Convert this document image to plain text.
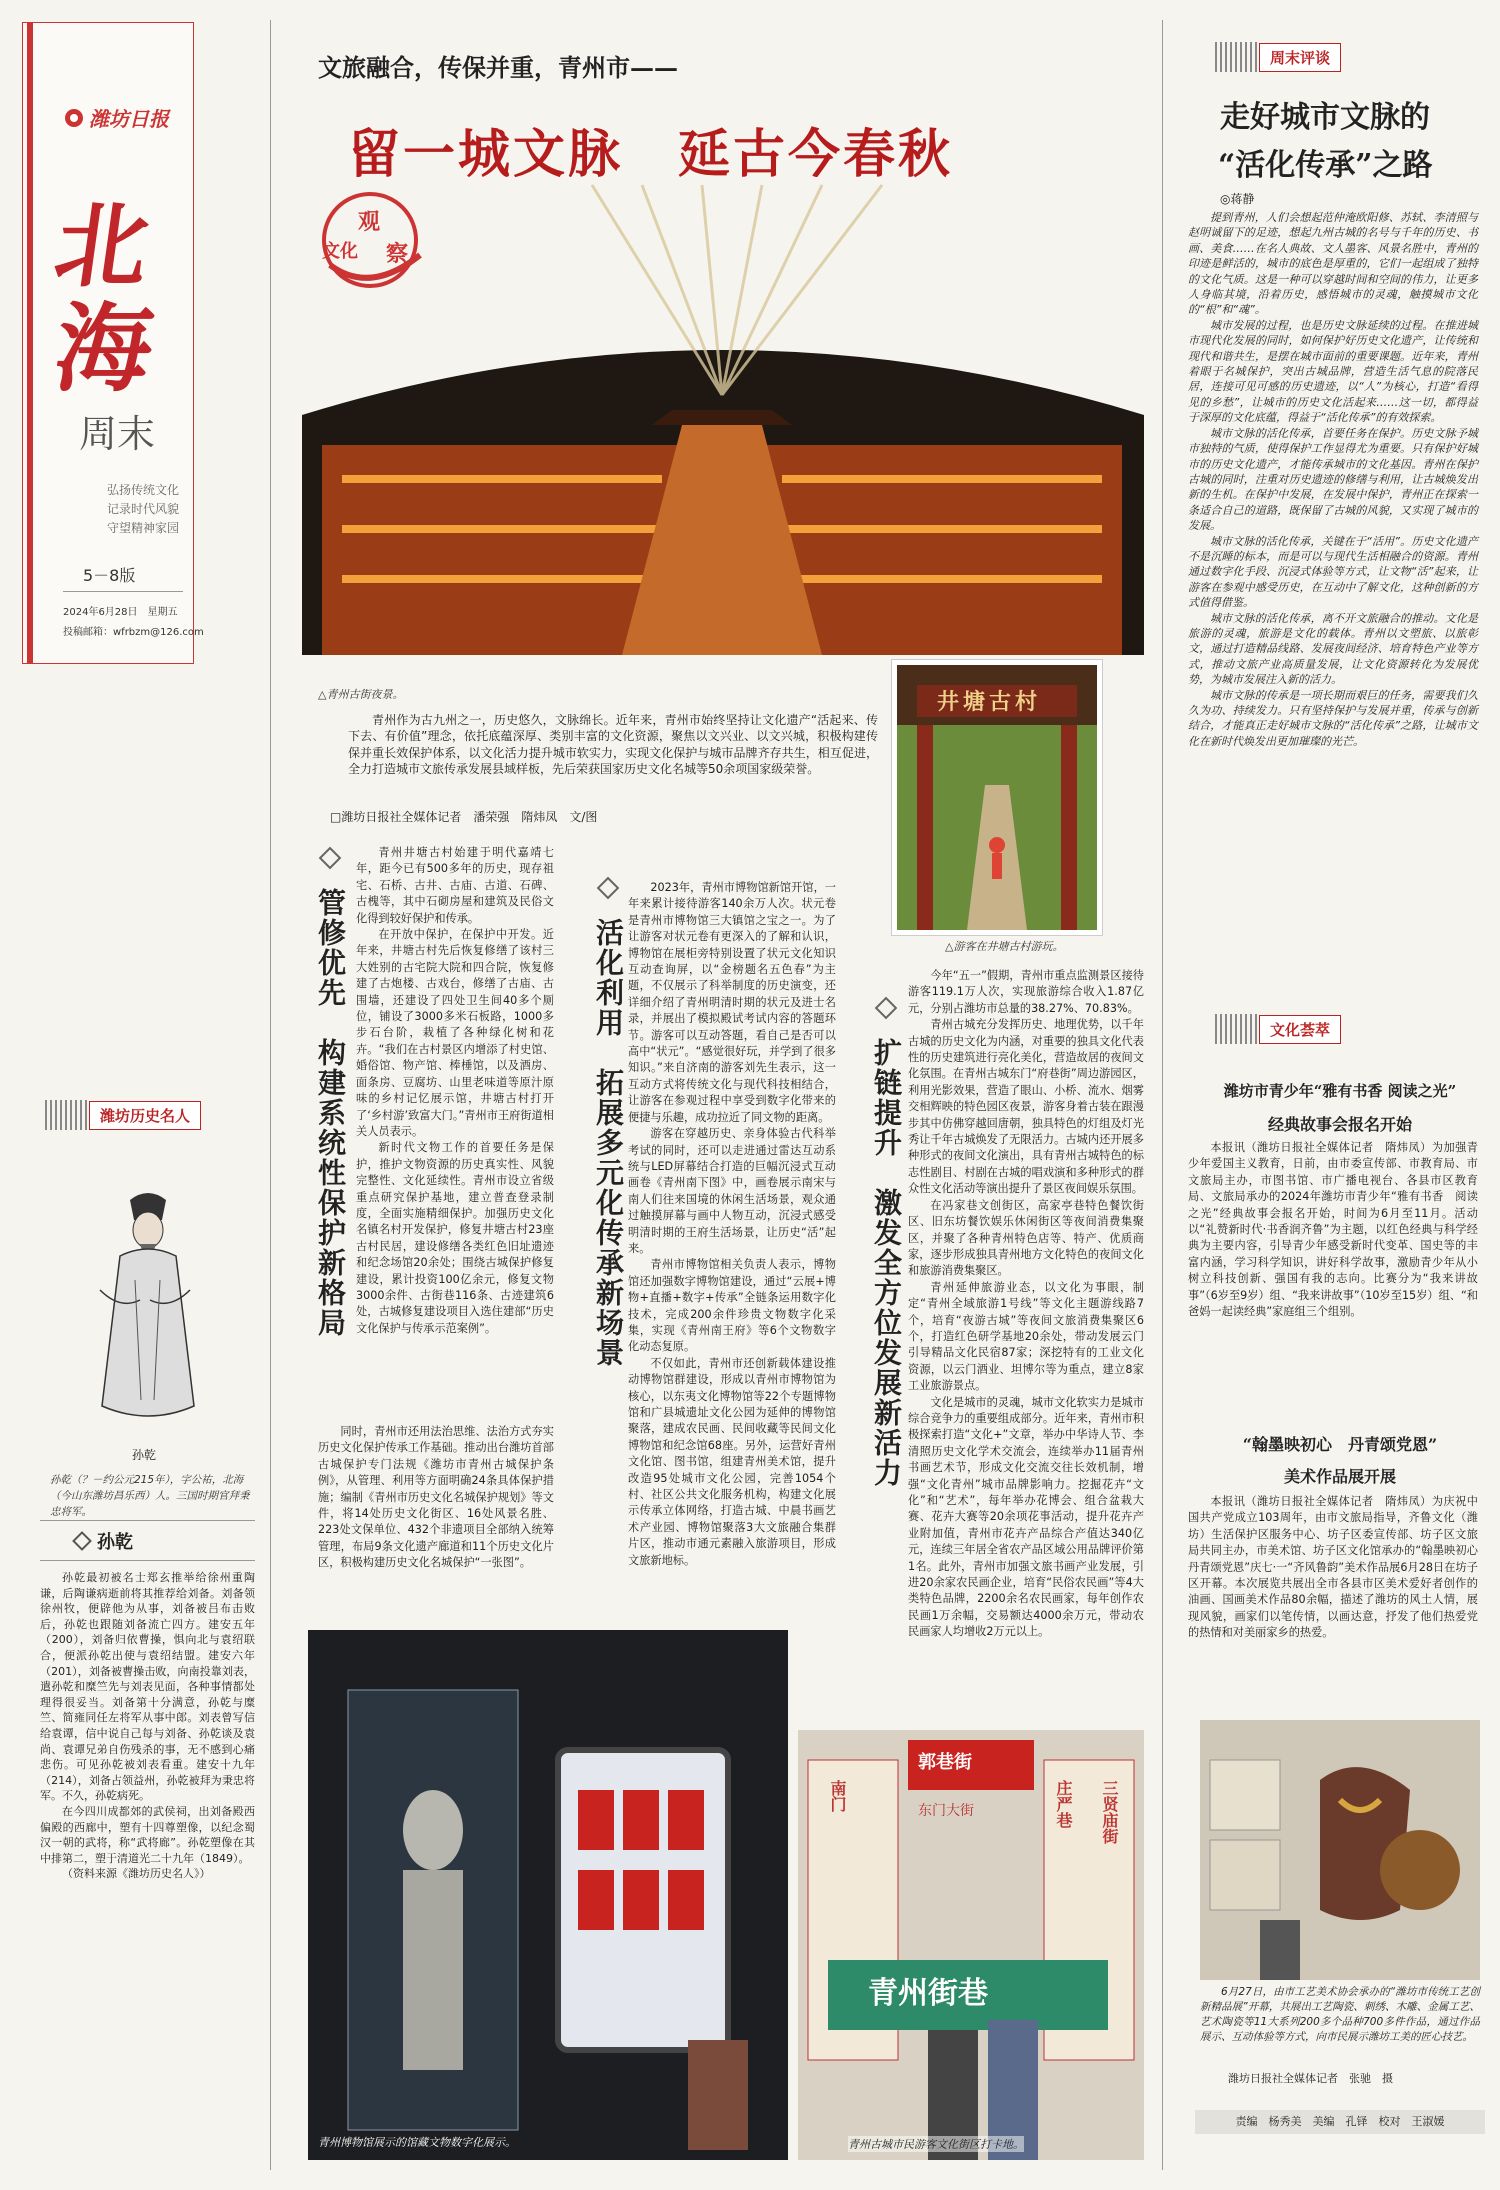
潍坊日报
北
海
周末
弘扬传统文化
记录时代风貌
守望精神家园
5－8版
2024年6月28日　星期五
投稿邮箱：wfrbzm@126.com
潍坊历史名人
孙乾
孙乾（？－约公元215年），字公祐，北海（今山东潍坊昌乐西）人。三国时期官拜秉忠将军。
孙乾

孙乾最初被名士郑玄推举给徐州重陶谦，后陶谦病逝前将其推荐给刘备。刘备领徐州牧，便辟他为从事，刘备被吕布击败后，孙乾也跟随刘备流亡四方。建安五年（200），刘备归依曹操，惧向北与袁绍联合，便派孙乾出使与袁绍结盟。建安六年（201），刘备被曹操击败，向南投靠刘表，遣孙乾和糜竺先与刘表见面，各种事情都处理得很妥当。刘备第十分满意，孙乾与糜竺、简雍同任左将军从事中郎。刘表曾写信给袁谭，信中说自己每与刘备、孙乾谈及袁尚、袁谭兄弟自伤残杀的事，无不感到心痛悲伤。可见孙乾被刘表看重。建安十九年（214），刘备占领益州，孙乾被拜为秉忠将军。不久，孙乾病死。

在今四川成都郊的武侯祠，出刘备殿西偏殿的西廊中，塑有十四尊塑像，以纪念蜀汉一朝的武将，称“武将廊”。孙乾塑像在其中排第二，塑于清道光二十九年（1849）。

（资料来源《潍坊历史名人》）

文旅融合，传保并重，青州市——
留一城文脉　延古今春秋
观
文化 察
△青州古街夜景。	井塘古村
△游客在井塘古村游玩。
青州作为古九州之一，历史悠久，文脉绵长。近年来，青州市始终坚持让文化遗产“活起来、传下去、有价值”理念，依托底蕴深厚、类别丰富的文化资源，聚焦以文兴业、以文兴城，积极构建传保并重长效保护体系，以文化活力提升城市软实力，实现文化保护与城市品牌齐存共生，相互促进，全力打造城市文旅传承发展县域样板，先后荣获国家历史文化名城等50余项国家级荣誉。
□潍坊日报社全媒体记者　潘荣强　隋炜凤　文/图
管修优先　构建系统性保护新格局

青州井塘古村始建于明代嘉靖七年，距今已有500多年的历史，现存祖宅、石桥、古井、古庙、古道、石碑、古槐等，其中石砌房屋和建筑及民俗文化得到较好保护和传承。

在开放中保护，在保护中开发。近年来，井塘古村先后恢复修缮了该村三大姓别的古宅院大院和四合院，恢复修建了古炮楼、古戏台，修缮了古庙、古围墙，还建设了四处卫生间40多个厕位，铺设了3000多米石板路，1000多步石台阶，栽植了各种绿化树和花卉。“我们在古村景区内增添了村史馆、婚俗馆、物产馆、棒棰馆，以及酒房、面条房、豆腐坊、山里老味道等原汁原味的乡村记忆展示馆，井塘古村打开了‘乡村游’致富大门。”青州市王府街道相关人员表示。

新时代文物工作的首要任务是保护，推护文物资源的历史真实性、风貌完整性、文化延续性。青州市设立省级重点研究保护基地，建立普查登录制度，全面实施精细保护。加强历史文化名镇名村开发保护，修复井塘古村23座古村民居，建设修缮各类红色旧址遗迹和纪念场馆20余处；围绕古城保护修复建设，累计投资100亿余元，修复文物3000余件、古街巷116条、古迹建筑6处，古城修复建设项目入选住建部“历史文化保护与传承示范案例”。

同时，青州市还用法治思维、法治方式夯实历史文化保护传承工作基础。推动出台潍坊首部古城保护专门法规《潍坊市青州古城保护条例》，从管理、利用等方面明确24条具体保护措施；编制《青州市历史文化名城保护规划》等文件，将14处历史文化街区、16处风景名胜、223处文保单位、432个非遗项目全部纳入统筹管理，布局9条文化遗产廊道和11个历史文化片区，积极构建历史文化名城保护“一张图”。

活化利用　拓展多元化传承新场景

2023年，青州市博物馆新馆开馆，一年来累计接待游客140余万人次。状元卷是青州市博物馆三大镇馆之宝之一。为了让游客对状元卷有更深入的了解和认识，博物馆在展柜旁特别设置了状元文化知识互动查询屏，以“金榜题名五色春”为主题，不仅展示了科举制度的历史演变，还详细介绍了青州明清时期的状元及进士名录，并展出了模拟殿试考试内容的答题环节。游客可以互动答题，看自己是否可以高中“状元”。“感觉很好玩，并学到了很多知识。”来自济南的游客刘先生表示，这一互动方式将传统文化与现代科技相结合，让游客在参观过程中享受到数字化带来的便捷与乐趣，成功拉近了同文物的距离。

游客在穿越历史、亲身体验古代科举考试的同时，还可以走进通过雷达互动系统与LED屏幕结合打造的巨幅沉浸式互动画卷《青州南下图》中，画卷展示南宋与南人们往来国境的休闲生活场景，观众通过触摸屏幕与画中人物互动，沉浸式感受明清时期的王府生活场景，让历史“活”起来。

青州市博物馆相关负责人表示，博物馆还加强数字博物馆建设，通过“云展+博物+直播+数字+传承”全链条运用数字化技术，完成200余件珍贵文物数字化采集，实现《青州南王府》等6个文物数字化动态复原。

不仅如此，青州市还创新载体建设推动博物馆群建设，形成以青州市博物馆为核心，以东夷文化博物馆等22个专题博物馆和广县城遗址文化公园为延伸的博物馆聚落，建成农民画、民间收藏等民间文化博物馆和纪念馆68座。另外，运营好青州文化馆、图书馆，组建青州美术馆，提升改造95处城市文化公园，完善1054个村、社区公共文化服务机构，构建文化展示传承立体网络，打造古城、中晨书画艺术产业园、博物馆聚落3大文旅融合集群片区，推动市通元素融入旅游项目，形成文旅新地标。

扩链提升　激发全方位发展新活力

今年“五一”假期，青州市重点监测景区接待游客119.1万人次，实现旅游综合收入1.87亿元，分别占潍坊市总量的38.27%、70.83%。

青州古城充分发挥历史、地理优势，以千年古城的历史文化为内涵，对重要的独具文化代表性的历史建筑进行亮化美化，营造故居的夜间文化氛围。在青州古城东门“府巷街”周边游园区，利用光影效果，营造了眼山、小桥、流水、烟雾交相辉映的特色园区夜景，游客身着古装在跟漫步其中仿佛穿越回唐朝，独具特色的灯组及灯光秀让千年古城焕发了无限活力。古城内还开展多种形式的夜间文化演出，具有青州古城特色的标志性剧目、村剧在古城的唱戏演和多种形式的群众性文化活动等演出提升了景区夜间娱乐氛围。

在冯家巷文创街区，高家亭巷特色餐饮街区、旧东坊餐饮娱乐休闲街区等夜间消费集聚区，并聚了各种青州特色店等、特产、优质商家，逐步形成独具青州地方文化特色的夜间文化和旅游消费集聚区。

青州延伸旅游业态，以文化为事眼，制定“青州全域旅游1号线”等文化主题游线路7个，培育“夜游古城”等夜间文旅消费集聚区6个，打造红色研学基地20余处，带动发展云门引导精品文化民宿87家；深挖特有的工业文化资源，以云门酒业、坦博尔等为重点，建立8家工业旅游景点。

文化是城市的灵魂，城市文化软实力是城市综合竞争力的重要组成部分。近年来，青州市积极探索打造“文化+”文章，举办中华诗人节、李清照历史文化学术交流会，连续举办11届青州书画艺术节，形成文化交流交往长效机制，增强“文化青州”城市品牌影响力。挖掘花卉“文化”和“艺术”，每年举办花博会、组合盆栽大赛、花卉大赛等20余项花事活动，提升花卉产业附加值，青州市花卉产品综合产值达340亿元，连续三年居全省农产品区域公用品牌评价第1名。此外，青州市加强文旅书画产业发展，引进20余家农民画企业，培育“民俗农民画”等4大类特色品牌，2200余名农民画家，每年创作农民画1万余幅，交易额达4000余万元，带动农民画家人均增收2万元以上。

青州博物馆展示的馆藏文物数字化展示。
青州街巷
郭巷街
庄严巷
东门大街	三贤庙街
南门
青州古城市民游客文化街区打卡地。
周末评谈
走好城市文脉的
“活化传承”之路
◎蒋静

提到青州，人们会想起范仲淹欧阳修、苏轼、李清照与赵明诚留下的足迹，想起九州古城的名号与千年的历史、书画、美食……在名人典故、文人墨客、风景名胜中，青州的印迹是鲜活的，城市的底色是厚重的，它们一起组成了独特的文化气质。这是一种可以穿越时间和空间的伟力，让更多人身临其境，沿着历史，感悟城市的灵魂，触摸城市文化的“根”和“魂”。

城市发展的过程，也是历史文脉延续的过程。在推进城市现代化发展的同时，如何保护好历史文化遗产，让传统和现代和谐共生，是摆在城市面前的重要课题。近年来，青州着眼于名城保护，突出古城品牌，营造生活气息的院落民居，连接可见可感的历史遗迹，以“人”为核心，打造“看得见的乡愁”，让城市的历史文化活起来……这一切，都得益于深厚的文化底蕴，得益于“活化传承”的有效探索。

城市文脉的活化传承，首要任务在保护。历史文脉予城市独特的气质，使得保护工作显得尤为重要。只有保护好城市的历史文化遗产，才能传承城市的文化基因。青州在保护古城的同时，注重对历史遗迹的修缮与利用，让古城焕发出新的生机。在保护中发展，在发展中保护，青州正在探索一条适合自己的道路，既保留了古城的风貌，又实现了城市的发展。

城市文脉的活化传承，关键在于“活用”。历史文化遗产不是沉睡的标本，而是可以与现代生活相融合的资源。青州通过数字化手段、沉浸式体验等方式，让文物“活”起来，让游客在参观中感受历史，在互动中了解文化，这种创新的方式值得借鉴。

城市文脉的活化传承，离不开文旅融合的推动。文化是旅游的灵魂，旅游是文化的载体。青州以文塑旅、以旅彰文，通过打造精品线路、发展夜间经济、培育特色产业等方式，推动文旅产业高质量发展，让文化资源转化为发展优势，为城市发展注入新的活力。

城市文脉的传承是一项长期而艰巨的任务，需要我们久久为功、持续发力。只有坚持保护与发展并重，传承与创新结合，才能真正走好城市文脉的“活化传承”之路，让城市文化在新时代焕发出更加璀璨的光芒。

文化荟萃
潍坊市青少年“雅有书香 阅读之光”
经典故事会报名开始

本报讯（潍坊日报社全媒体记者　隋炜凤）为加强青少年爱国主义教育，日前，由市委宣传部、市教育局、市文旅局主办，市图书馆、市广播电视台、各县市区教育局、文旅局承办的2024年潍坊市青少年“雅有书香　阅读之光”经典故事会报名开始，时间为6月至11月。活动以“礼赞新时代·书香润齐鲁”为主题，以红色经典与科学经典为主要内容，引导青少年感受新时代变革、国史等的丰富内涵，学习科学知识，讲好科学故事，激励青少年从小树立科技创新、强国有我的志向。比赛分为“我来讲故事”（6岁至9岁）组、“我来讲故事”（10岁至15岁）组、“和爸妈一起读经典”家庭组三个组别。

“翰墨映初心　丹青颂党恩”
美术作品展开展

本报讯（潍坊日报社全媒体记者　隋炜凤）为庆祝中国共产党成立103周年，由市文旅局指导，齐鲁文化（潍坊）生活保护区服务中心、坊子区委宣传部、坊子区文旅局共同主办，市美术馆、坊子区文化馆承办的“翰墨映初心　丹青颂党恩”庆七·一“齐风鲁韵”美术作品展6月28日在坊子区开幕。本次展览共展出全市各县市区美术爱好者创作的油画、国画美术作品80余幅，描述了潍坊的风土人情，展现风貌，画家们以笔传情，以画达意，抒发了他们热爱党的热情和对美丽家乡的热爱。

6月27日，由市工艺美术协会承办的“潍坊市传统工艺创新精品展”开幕，共展出工艺陶瓷、刺绣、木雕、金属工艺、艺术陶瓷等11大系列200多个品种700多件作品，通过作品展示、互动体验等方式，向市民展示潍坊工美的匠心技艺。

潍坊日报社全媒体记者　张驰　摄
责编　杨秀美　美编　孔铎　校对　王淑媛
